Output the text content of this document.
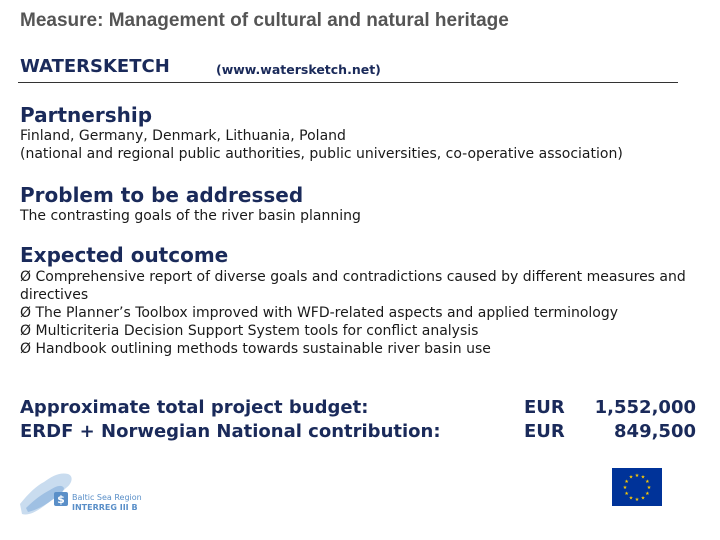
Measure: Management of cultural and natural heritage
WATERSKETCH	(www.watersketch.net)
Partnership
Finland, Germany, Denmark, Lithuania, Poland
(national and regional public authorities, public universities, co-operative association)
Problem to be addressed
The contrasting goals of the river basin planning
Expected outcome
Ø Comprehensive report of diverse goals and contradictions caused by different measures and directives
Ø The Planner’s Toolbox improved with WFD-related aspects and applied terminology
Ø Multicriteria Decision Support System tools for conflict analysis
Ø Handbook outlining methods towards sustainable river basin use
Approximate total project budget:
ERDF + Norwegian National contribution:
EUR
EUR
1,552,000
849,500
$ Baltic Sea Region
INTERREG III B
★ ★
★
★
★
★
★
★
★
★
★
★
